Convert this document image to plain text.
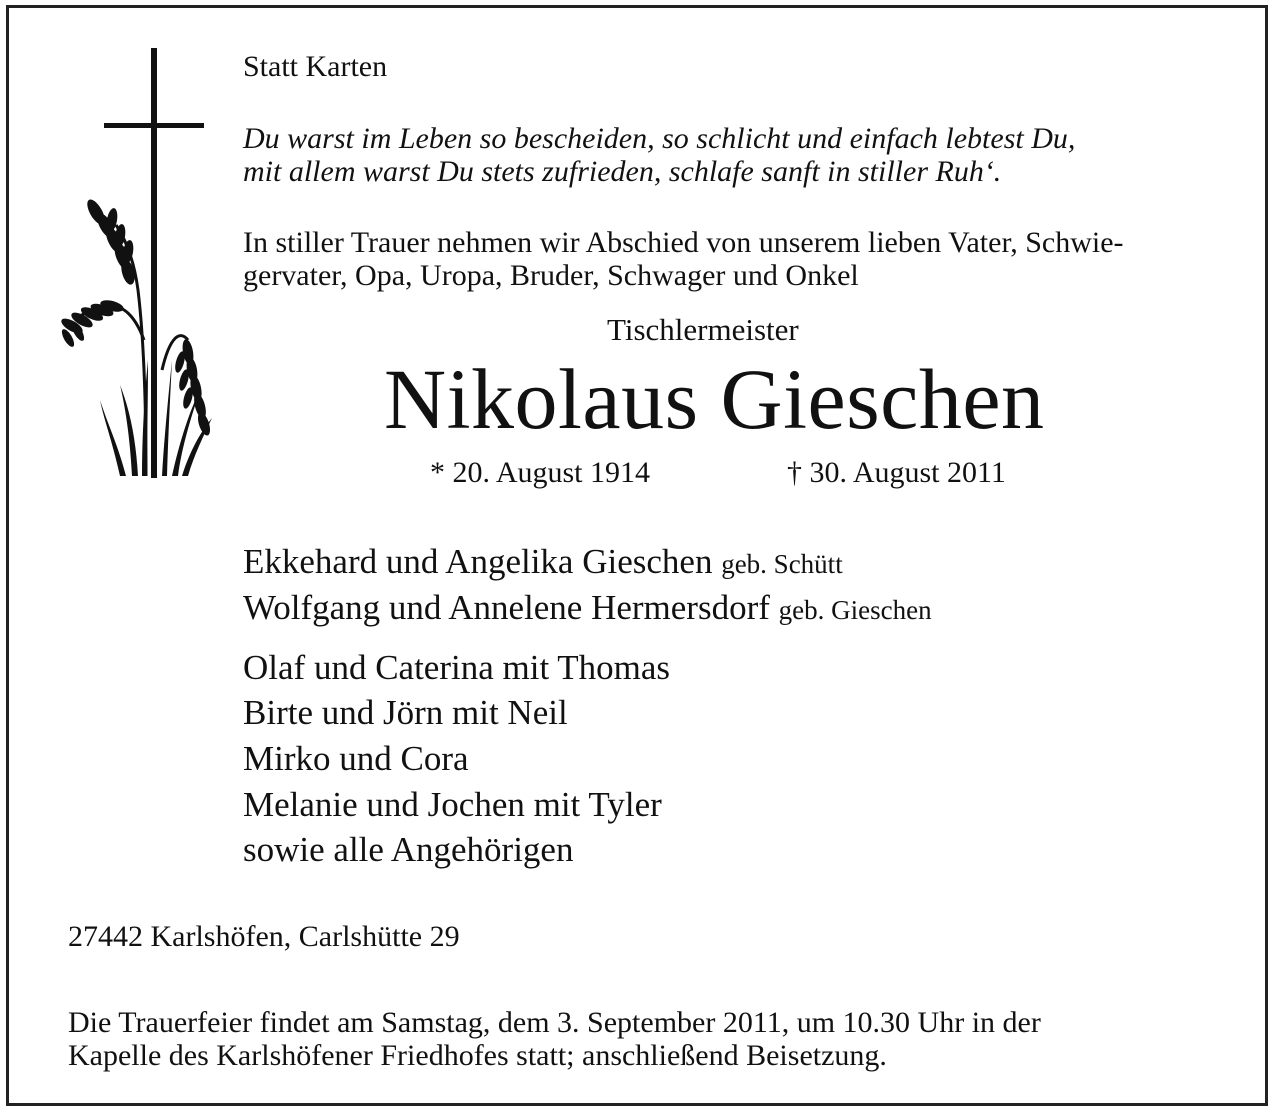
Statt Karten
Du warst im Leben so bescheiden, so schlicht und einfach lebtest Du,
mit allem warst Du stets zufrieden, schlafe sanft in stiller Ruh‘.
In stiller Trauer nehmen wir Abschied von unserem lieben Vater, Schwie-
gervater, Opa, Uropa, Bruder, Schwager und Onkel
Tischlermeister
Nikolaus Gieschen
* 20. August 1914	† 30. August 2011
Ekkehard und Angelika Gieschen geb. Schütt
Wolfgang und Annelene Hermersdorf geb. Gieschen
Olaf und Caterina mit Thomas
Birte und Jörn mit Neil
Mirko und Cora
Melanie und Jochen mit Tyler
sowie alle Angehörigen
27442 Karlshöfen, Carlshütte 29
Die Trauerfeier findet am Samstag, dem 3. September 2011, um 10.30 Uhr in der
Kapelle des Karlshöfener Friedhofes statt; anschließend Beisetzung.
